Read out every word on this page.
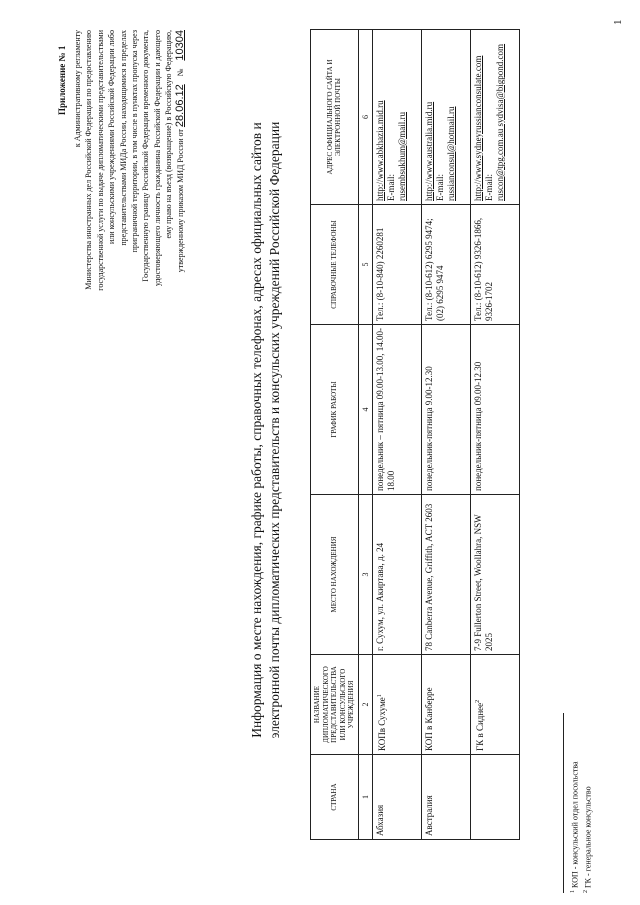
Приложение № 1 к Административному регламенту Министерства иностранных дел Российской Федерации по предоставлению государственной услуги по выдаче дипломатическими представительствами или консульскими учреждениями Российской Федерации либо представительствами МИДа России, находящимися в пределах приграничной территории, в том числе в пунктах пропуска через Государственную границу Российской Федерации временного документа, удостоверяющего личность гражданина Российской Федерации и дающего ему право на въезд (возвращение) в Российскую Федерацию, утвержденному приказом МИД России от 28.06.12 № 10304
Информация о месте нахождения, графике работы, справочных телефонах, адресах официальных сайтов и электронной почты дипломатических представительств и консульских учреждений Российской Федерации
СТРАНА	НАЗВАНИЕ ДИПЛОМАТИЧЕСКОГО ПРЕДСТАВИТЕЛЬСТВА ИЛИ КОНСУЛЬСКОГО УЧРЕЖДЕНИЯ	МЕСТО НАХОЖДЕНИЯ	ГРАФИК РАБОТЫ	СПРАВОЧНЫЕ ТЕЛЕФОНЫ	АДРЕС ОФИЦИАЛЬНОГО САЙТА И ЭЛЕКТРОННОЙ ПОЧТЫ
1	2	3	4	5	6
Абхазия	КОПв Сухуме$^1$	г. Сухум, ул. Акиртава, д. 24	понедельник – пятница 09.00-13.00, 14.00-18.00	Тел.: (8-10-840) 2260281	http://www.abkhazia.mid.ru E-mail: rusembsukhum@mail.ru

Австралия	КОП в Канберре	78 Canberra Avenue, Griffith, ACT 2603	понедельник-пятница 9.00-12.30	Тел.: (8-10-612) 6295 9474; (02) 6295 9474	http://www.australia.mid.ru E-mail: russianconsul@hotmail.ru

	ГК в Сиднее$^2$	7-9 Fullerton Street, Woollahra, NSW 2025	понедельник-пятница 09.00-12.30	Тел.: (8-10-612) 9326-1866, 9326-1702	http://www.sydneyrussianconsulate.com E-mail: ruscon@tpg.com.au sydvisa@bigpond.com
$^1$ КОП - консульский отдел посольства
$^2$ ГК - генеральное консульство
1
